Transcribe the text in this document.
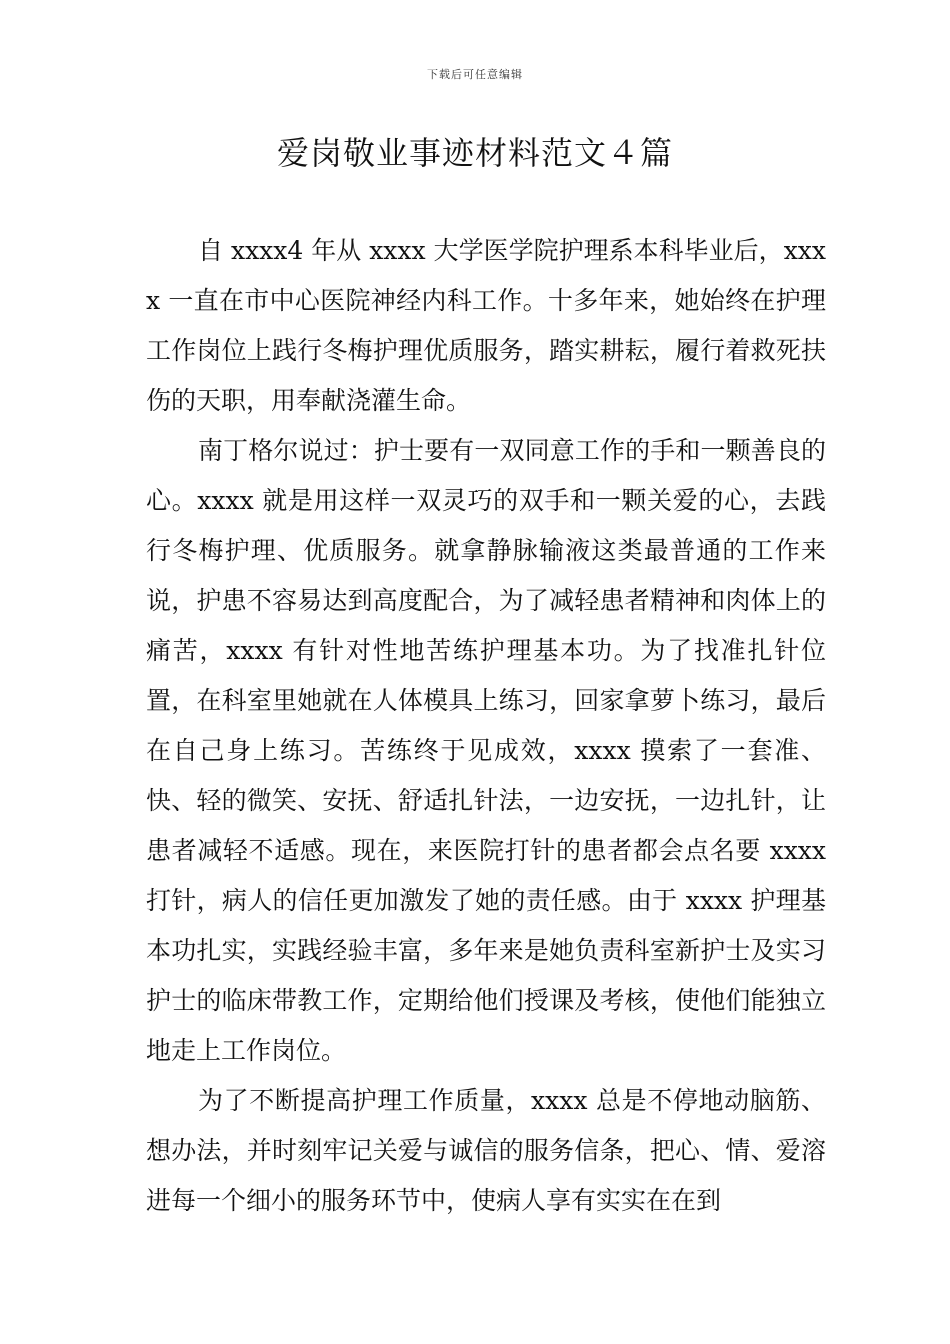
下载后可任意编辑
爱岗敬业事迹材料范文４篇

自 xxxx4 年从 xxxx 大学医学院护理系本科毕业后，xxxx 一直在市中心医院神经内科工作。十多年来，她始终在护理工作岗位上践行冬梅护理优质服务，踏实耕耘，履行着救死扶伤的天职，用奉献浇灌生命。

南丁格尔说过：护士要有一双同意工作的手和一颗善良的心。xxxx 就是用这样一双灵巧的双手和一颗关爱的心，去践行冬梅护理、优质服务。就拿静脉输液这类最普通的工作来说，护患不容易达到高度配合，为了减轻患者精神和肉体上的痛苦，xxxx 有针对性地苦练护理基本功。为了找准扎针位置，在科室里她就在人体模具上练习，回家拿萝卜练习，最后在自己身上练习。苦练终于见成效，xxxx 摸索了一套准、快、轻的微笑、安抚、舒适扎针法，一边安抚，一边扎针，让患者减轻不适感。现在，来医院打针的患者都会点名要 xxxx 打针，病人的信任更加激发了她的责任感。由于 xxxx 护理基本功扎实，实践经验丰富，多年来是她负责科室新护士及实习护士的临床带教工作，定期给他们授课及考核，使他们能独立地走上工作岗位。

为了不断提高护理工作质量，xxxx 总是不停地动脑筋、想办法，并时刻牢记关爱与诚信的服务信条，把心、情、爱溶进每一个细小的服务环节中，使病人享有实实在在到
